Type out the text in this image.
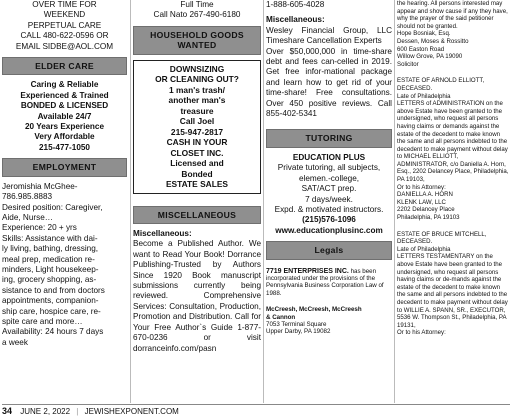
OVER TIME FOR
WEEKEND
PERPETUAL CARE
CALL 480-622-0596 OR
EMAIL SIDBE@AOL.COM
ELDER CARE
Caring & Reliable
Experienced & Trained
BONDED & LICENSED
Available 24/7
20 Years Experience
Very Affordable
215-477-1050
EMPLOYMENT
Jeromishia McGhee-
786.985.8883
Desired position: Caregiver,
Aide, Nurse…
Experience: 20 + yrs
Skills: Assistance with dai-
ly living, bathing, dressing,
meal prep, medication re-
minders, Light housekeep-
ing, grocery shopping, as-
sistance to and from doctors
appointments, companion-
ship care, hospice care, re-
spite care and more…
Availability: 24 hours 7 days
a week
Full Time
Call Nato 267-490-6180
HOUSEHOLD GOODS WANTED
DOWNSIZING
OR CLEANING OUT?
1 man's trash/
another man's
treasure
Call Joel
215-947-2817
CASH IN YOUR
CLOSET INC.
Licensed and
Bonded
ESTATE SALES
MISCELLANEOUS
Miscellaneous:
Become a Published Author. We want to Read Your Book! Dorrance Publishing-Trusted by Authors Since 1920 Book manuscript submissions currently being reviewed. Comprehensive Services: Consultation, Production, Promotion and Distribution. Call for Your Free Author`s Guide 1-877-670-0236 or visit dorranceinfo.com/pasn
1-888-605-4028
Miscellaneous:
Wesley Financial Group, LLC Timeshare Cancellation Experts
Over $50,000,000 in time-share debt and fees can-celled in 2019. Get free infor-mational package and learn how to get rid of your time-share! Free consultations. Over 450 positive reviews. Call 855-402-5341
TUTORING
EDUCATION PLUS
Private tutoring, all subjects,
elemen.-college,
SAT/ACT prep.
7 days/week.
Expd. & motivated instructors.
(215)576-1096
www.educationplusinc.com
Legals
7719 ENTERPRISES INC. has been incorporated under the provisions of the Pennsylvania Business Corporation Law of 1988.
McCreesh, McCreesh, McCreesh
& Cannon
7053 Terminal Square
Upper Darby, PA 19082
the hearing. All persons interested may appear and show cause if any they have, why the prayer of the said petitioner should not be granted.
Hope Bosniak, Esq.
Dessen, Moses & Rossitto
600 Easton Road
Willow Grove, PA 19090
Solicitor
ESTATE OF ARNOLD ELLIOTT, DECEASED.
Late of Philadelphia
LETTERS of ADMINISTRATION on the above Estate have been granted to the undersigned, who request all persons having claims or demands against the estate of the decedent to make known the same and all persons indebted to the decedent to make payment without delay to MICHAEL ELLIOTT, ADMINISTRATOR, c/o Daniella A. Horn, Esq., 2202 Delancey Place, Philadelphia, PA 19103,
Or to his Attorney:
DANIELLA A. HORN
KLENK LAW, LLC
2202 Delancey Place
Philadelphia, PA 19103
ESTATE OF BRUCE MITCHELL, DECEASED.
Late of Philadelphia
LETTERS TESTAMENTARY on the above Estate have been granted to the undersigned, who request all persons having claims or de-mands against the estate of the decedent to make known the same and all persons indebted to the decedent to make payment without delay to WILLIE A. SPANN, SR., EXECUTOR, 5536 W. Thompson St., Philadelphia, PA 19131,
Or to his Attorney:
34 JUNE 2, 2022 | JEWISHEXPONENT.COM
